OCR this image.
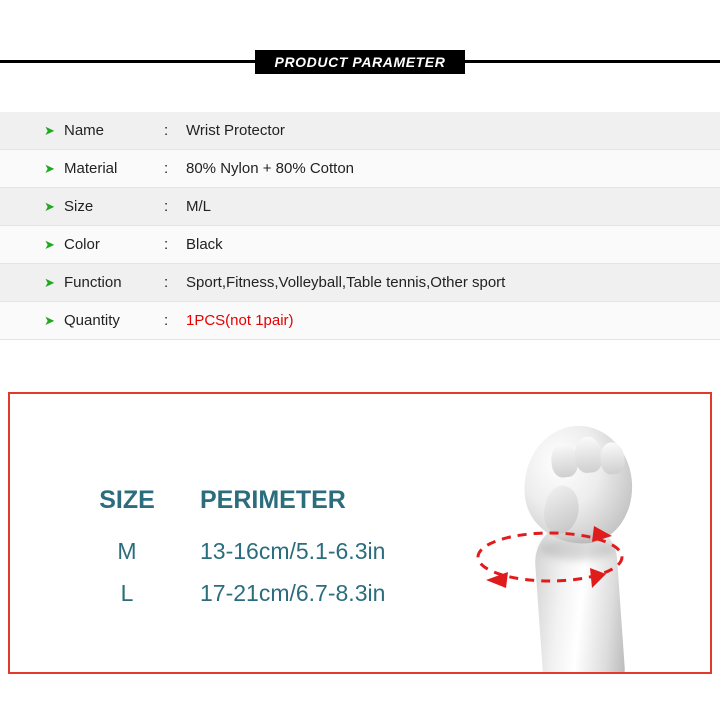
PRODUCT PARAMETER
➤ Name	:	Wrist Protector
➤ Material	:	80% Nylon + 80% Cotton
➤ Size	:	M/L
➤ Color	:	Black
➤ Function	:	Sport,Fitness,Volleyball,Table tennis,Other sport
➤ Quantity	:	1PCS(not 1pair)
SIZE	PERIMETER
M	13-16cm/5.1-6.3in
L	17-21cm/6.7-8.3in
